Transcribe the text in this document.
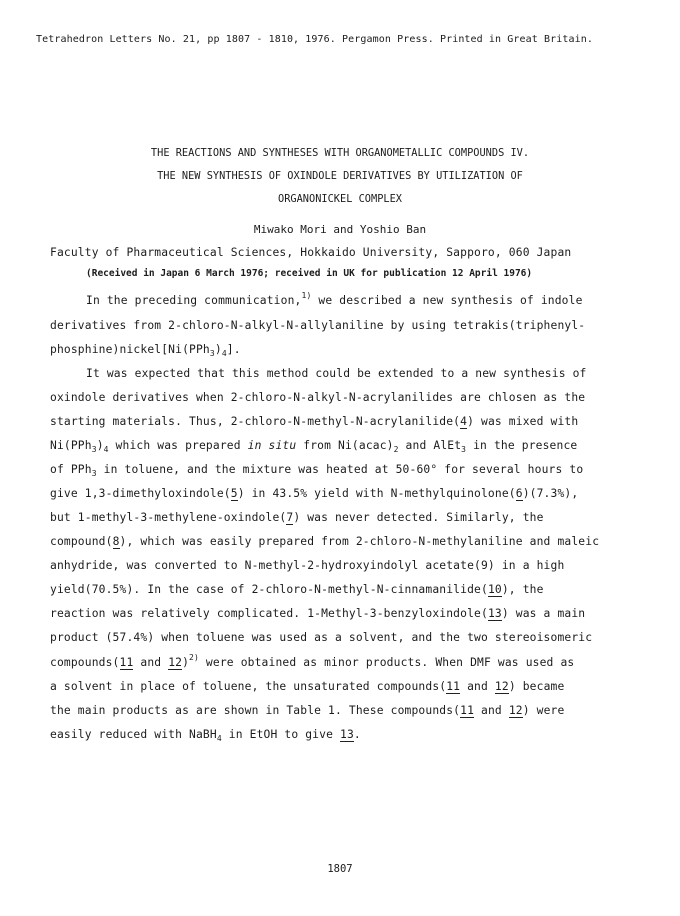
Tetrahedron Letters No. 21, pp 1807 - 1810, 1976. Pergamon Press. Printed in Great Britain.
THE REACTIONS AND SYNTHESES WITH ORGANOMETALLIC COMPOUNDS IV.
THE NEW SYNTHESIS OF OXINDOLE DERIVATIVES BY UTILIZATION OF
ORGANONICKEL COMPLEX
Miwako Mori and Yoshio Ban
Faculty of Pharmaceutical Sciences, Hokkaido University, Sapporo, 060 Japan
(Received in Japan 6 March 1976; received in UK for publication 12 April 1976)
In the preceding communication,$^{1)}$ we described a new synthesis of indole
derivatives from 2-chloro-N-alkyl-N-allylaniline by using tetrakis(triphenyl-
$phosphine)nickel[Ni(PPh_3)_4]$.
It was expected that this method could be extended to a new synthesis of
oxindole derivatives when 2-chloro-N-alkyl-N-acrylanilides are chlosen as the
starting materials. Thus, 2-chloro-N-methyl-N-acrylanilide(4) was mixed with
$Ni(PPh_3)_4$ which was prepared in situ from $Ni(acac)_2$ and AlEt$_3$ in the presence
of PPh$_3$ in toluene, and the mixture was heated at 50-60° for several hours to
give 1,3-dimethyloxindole(5) in 43.5% yield with N-methylquinolone(6)(7.3%),
but 1-methyl-3-methylene-oxindole(7) was never detected. Similarly, the
compound(8), which was easily prepared from 2-chloro-N-methylaniline and maleic
anhydride, was converted to N-methyl-2-hydroxyindolyl acetate(9) in a high
yield(70.5%). In the case of 2-chloro-N-methyl-N-cinnamanilide(10), the
reaction was relatively complicated. 1-Methyl-3-benzyloxindole(13) was a main
product (57.4%) when toluene was used as a solvent, and the two stereoisomeric
compounds(11 and 12)$^{2)}$ were obtained as minor products. When DMF was used as
a solvent in place of toluene, the unsaturated compounds(11 and 12) became
the main products as are shown in Table 1. These compounds(11 and 12) were
easily reduced with NaBH$_4$ in EtOH to give 13.
1807
